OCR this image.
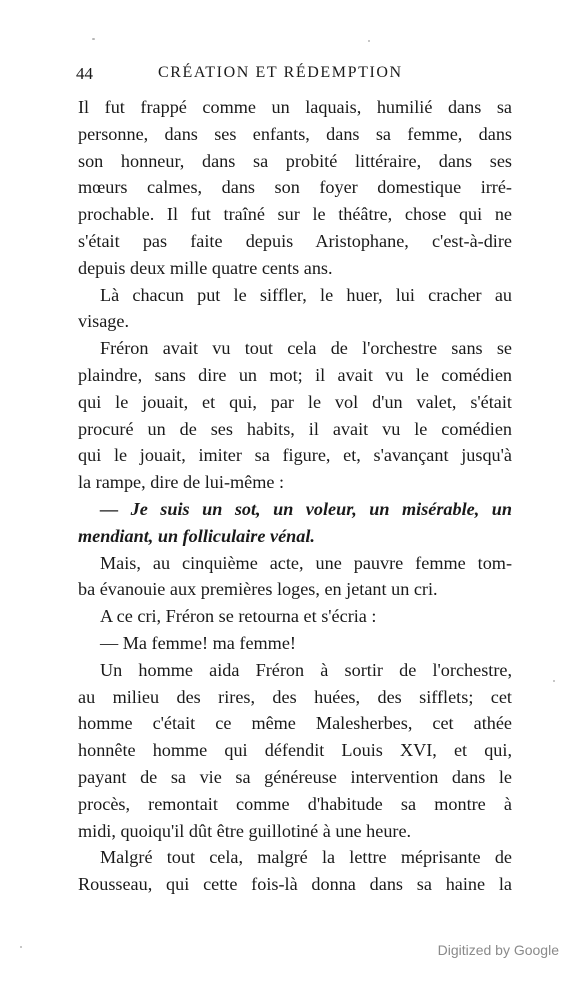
44	CRÉATION ET RÉDEMPTION
Il fut frappé comme un laquais, humilié dans sa
personne, dans ses enfants, dans sa femme, dans
son honneur, dans sa probité littéraire, dans ses
mœurs calmes, dans son foyer domestique irré-
prochable. Il fut traîné sur le théâtre, chose qui ne
s'était pas faite depuis Aristophane, c'est-à-dire
depuis deux mille quatre cents ans.
Là chacun put le siffler, le huer, lui cracher au
visage.
Fréron avait vu tout cela de l'orchestre sans se
plaindre, sans dire un mot; il avait vu le comédien
qui le jouait, et qui, par le vol d'un valet, s'était
procuré un de ses habits, il avait vu le comédien
qui le jouait, imiter sa figure, et, s'avançant jusqu'à
la rampe, dire de lui-même :
— Je suis un sot, un voleur, un misérable, un
mendiant, un folliculaire vénal.
Mais, au cinquième acte, une pauvre femme tom-
ba évanouie aux premières loges, en jetant un cri.
A ce cri, Fréron se retourna et s'écria :
— Ma femme! ma femme!
Un homme aida Fréron à sortir de l'orchestre,
au milieu des rires, des huées, des sifflets; cet
homme c'était ce même Malesherbes, cet athée
honnête homme qui défendit Louis XVI, et qui,
payant de sa vie sa généreuse intervention dans le
procès, remontait comme d'habitude sa montre à
midi, quoiqu'il dût être guillotiné à une heure.
Malgré tout cela, malgré la lettre méprisante de
Rousseau, qui cette fois-là donna dans sa haine la
Digitized by Google
